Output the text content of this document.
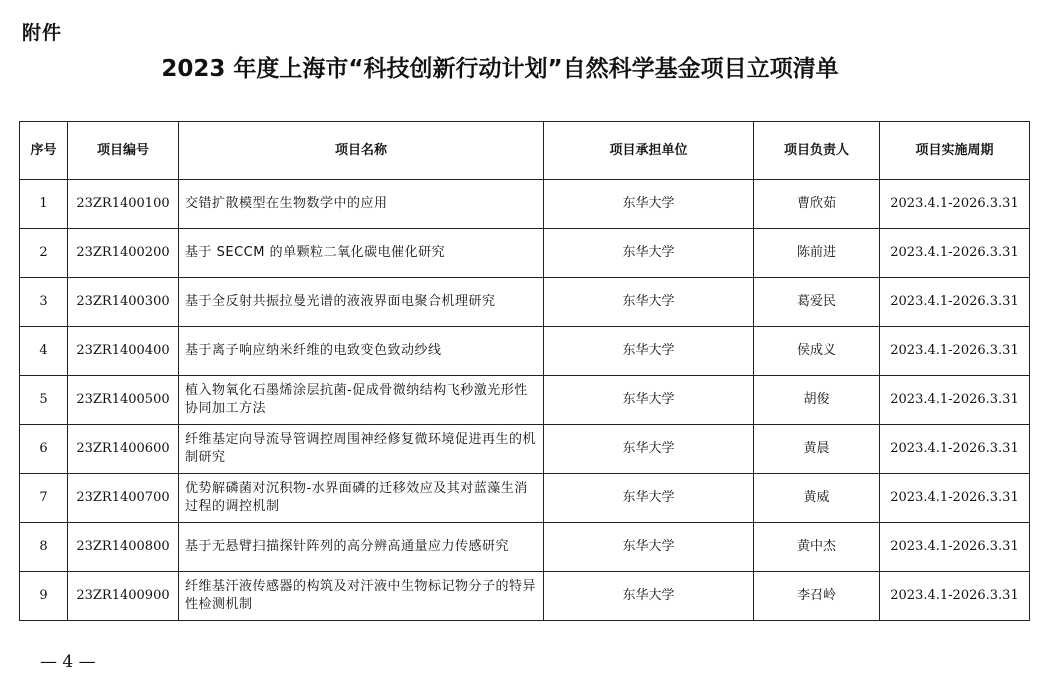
附件
2023 年度上海市“科技创新行动计划”自然科学基金项目立项清单
序号	项目编号	项目名称	项目承担单位	项目负责人	项目实施周期
1	23ZR1400100	交错扩散模型在生物数学中的应用	东华大学	曹欣茹	2023.4.1-2026.3.31
2	23ZR1400200	基于 SECCM 的单颗粒二氧化碳电催化研究	东华大学	陈前进	2023.4.1-2026.3.31
3	23ZR1400300	基于全反射共振拉曼光谱的液液界面电聚合机理研究	东华大学	葛爱民	2023.4.1-2026.3.31
4	23ZR1400400	基于离子响应纳米纤维的电致变色致动纱线	东华大学	侯成义	2023.4.1-2026.3.31
5	23ZR1400500	植入物氧化石墨烯涂层抗菌-促成骨微纳结构飞秒激光形性协同加工方法	东华大学	胡俊	2023.4.1-2026.3.31
6	23ZR1400600	纤维基定向导流导管调控周围神经修复微环境促进再生的机制研究	东华大学	黄晨	2023.4.1-2026.3.31
7	23ZR1400700	优势解磷菌对沉积物-水界面磷的迁移效应及其对蓝藻生消过程的调控机制	东华大学	黄威	2023.4.1-2026.3.31
8	23ZR1400800	基于无悬臂扫描探针阵列的高分辨高通量应力传感研究	东华大学	黄中杰	2023.4.1-2026.3.31
9	23ZR1400900	纤维基汗液传感器的构筑及对汗液中生物标记物分子的特异性检测机制	东华大学	李召岭	2023.4.1-2026.3.31
— 4 —
